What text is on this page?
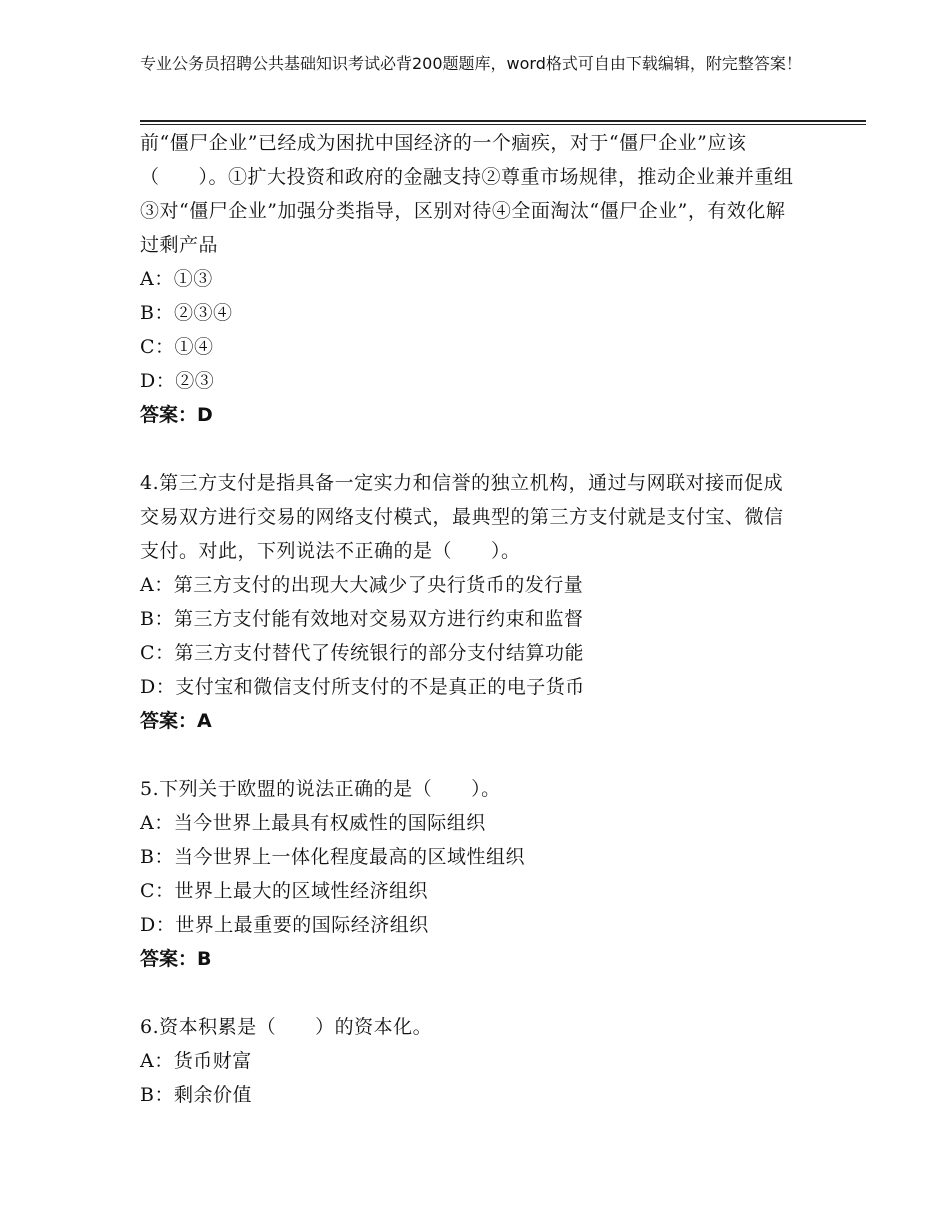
专业公务员招聘公共基础知识考试必背200题题库，word格式可自由下载编辑，附完整答案！

前“僵尸企业”已经成为困扰中国经济的一个痼疾，对于“僵尸企业”应该（　　）。①扩大投资和政府的金融支持②尊重市场规律，推动企业兼并重组③对“僵尸企业”加强分类指导，区别对待④全面淘汰“僵尸企业”，有效化解过剩产品

A：①③

B：②③④

C：①④

D：②③

答案：D

4.第三方支付是指具备一定实力和信誉的独立机构，通过与网联对接而促成交易双方进行交易的网络支付模式，最典型的第三方支付就是支付宝、微信支付。对此，下列说法不正确的是（　　）。

A：第三方支付的出现大大减少了央行货币的发行量

B：第三方支付能有效地对交易双方进行约束和监督

C：第三方支付替代了传统银行的部分支付结算功能

D：支付宝和微信支付所支付的不是真正的电子货币

答案：A

5.下列关于欧盟的说法正确的是（　　）。

A：当今世界上最具有权威性的国际组织

B：当今世界上一体化程度最高的区域性组织

C：世界上最大的区域性经济组织

D：世界上最重要的国际经济组织

答案：B

6.资本积累是（　　）的资本化。

A：货币财富

B：剩余价值
